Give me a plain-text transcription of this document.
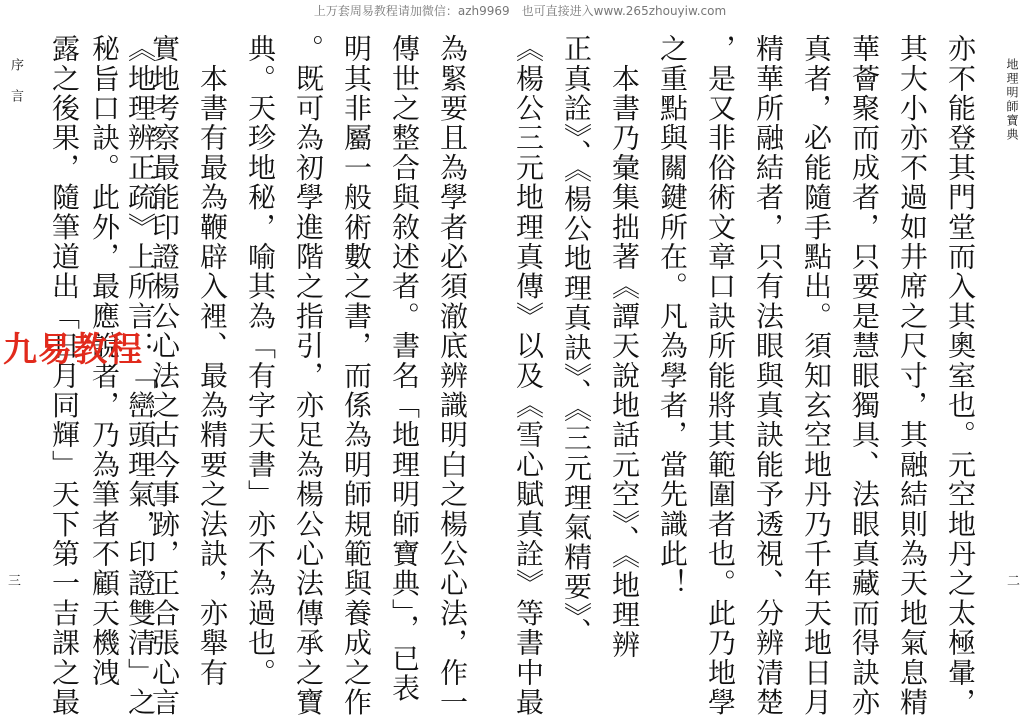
上万套周易教程请加微信：azh9969　也可直接进入www.265zhouyiw.com
地理明師寶典
二
亦不能登其門堂而入其奧室也。元空地丹之太極暈，
其大小亦不過如井席之尺寸，其融結則為天地氣息精
華薈聚而成者，只要是慧眼獨具、法眼真藏而得訣亦
真者，必能隨手點出。須知玄空地丹乃千年天地日月
精華所融結者，只有法眼與真訣能予透視、分辨清楚
，是又非俗術文章口訣所能將其範圍者也。此乃地學
之重點與關鍵所在。凡為學者，當先識此！
　本書乃彙集拙著《譚天說地話元空》、《地理辨
正真詮》、《楊公地理真訣》、《三元理氣精要》、
《楊公三元地理真傳》以及《雪心賦真詮》等書中最
為緊要且為學者必須澈底辨識明白之楊公心法，作一
傳世之整合與敘述者。書名「地理明師寶典」，已表
明其非屬一般術數之書，而係為明師規範與養成之作
。既可為初學進階之指引，亦足為楊公心法傳承之寶
典。天珍地秘，喻其為「有字天書」亦不為過也。
　本書有最為鞭辟入裡、最為精要之法訣，亦舉有
實地考察最能印證楊公心法之古今事跡，正合張心言
《地理辨正疏》上所言：「巒頭理氣，印證雙清」之
秘旨口訣。此外，最應說者，乃為筆者不顧天機洩
露之後果，隨筆道出「日月同輝」天下第一吉課之最
序言
三
九易教程
